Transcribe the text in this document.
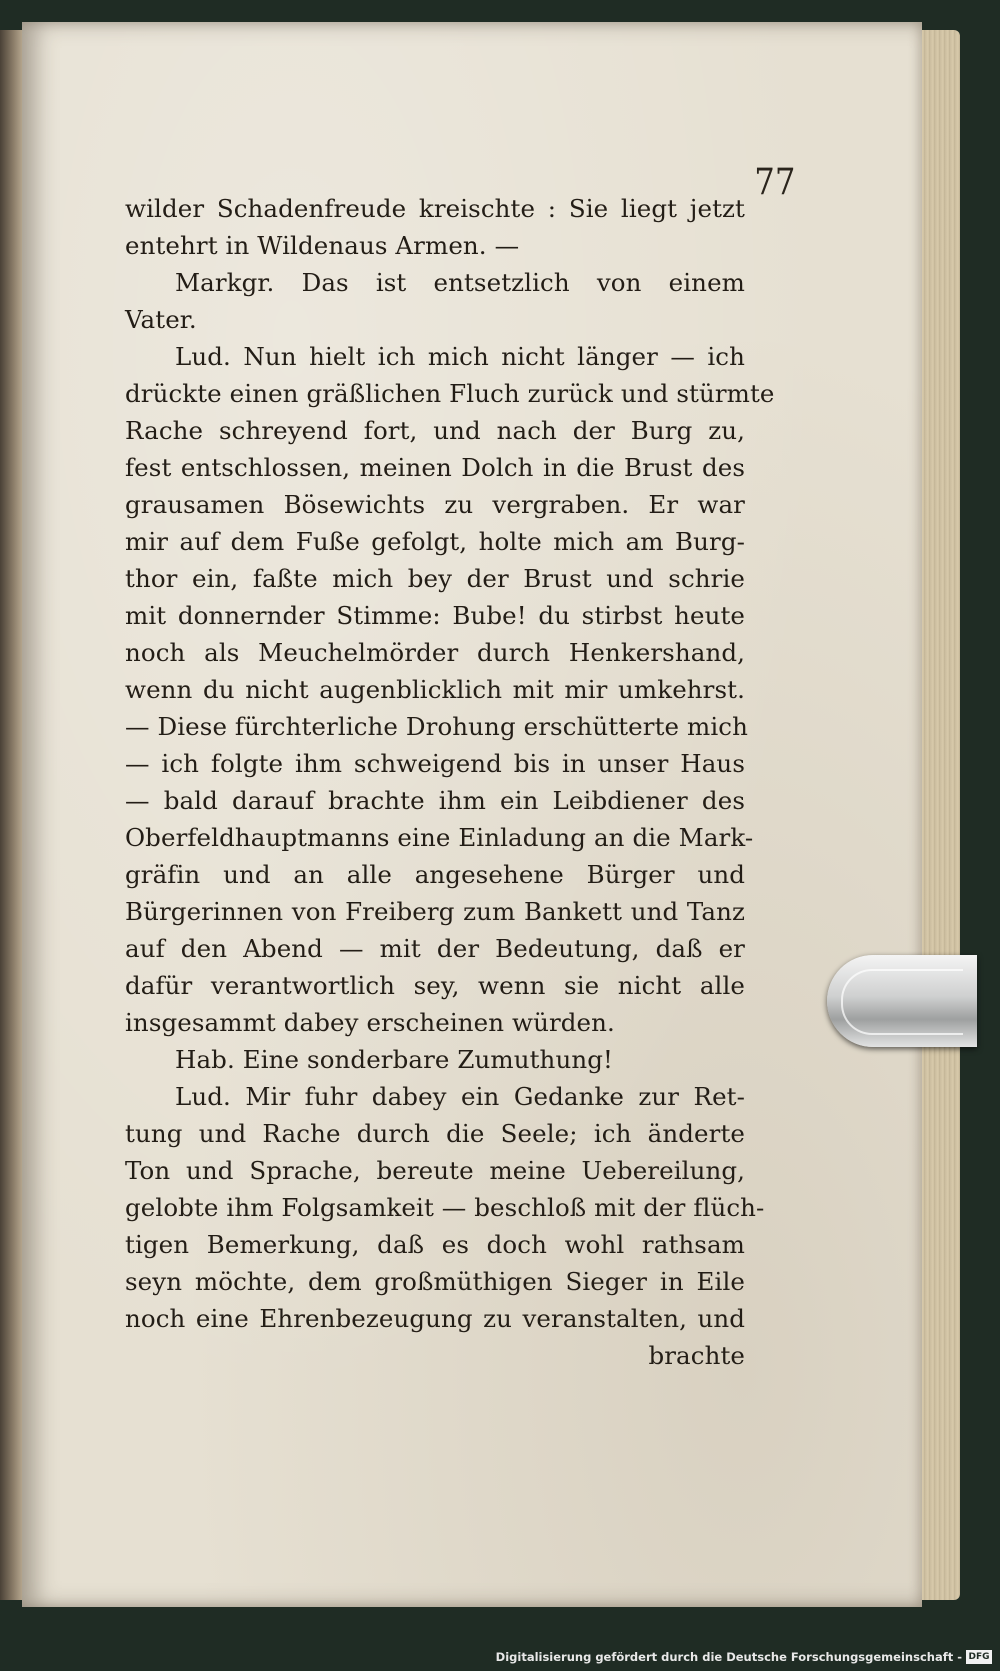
77
wilder Schadenfreude kreischte : Sie liegt jetzt
entehrt in Wildenaus Armen. —
Markgr. Das ist entsetzlich von einem
Vater.
Lud. Nun hielt ich mich nicht länger — ich
drückte einen gräßlichen Fluch zurück und stürmte
Rache schreyend fort, und nach der Burg zu,
fest entschlossen, meinen Dolch in die Brust des
grausamen Bösewichts zu vergraben. Er war
mir auf dem Fuße gefolgt, holte mich am Burg-
thor ein, faßte mich bey der Brust und schrie
mit donnernder Stimme: Bube! du stirbst heute
noch als Meuchelmörder durch Henkershand,
wenn du nicht augenblicklich mit mir umkehrst.
— Diese fürchterliche Drohung erschütterte mich
— ich folgte ihm schweigend bis in unser Haus
— bald darauf brachte ihm ein Leibdiener des
Oberfeldhauptmanns eine Einladung an die Mark-
gräfin und an alle angesehene Bürger und
Bürgerinnen von Freiberg zum Bankett und Tanz
auf den Abend — mit der Bedeutung, daß er
dafür verantwortlich sey, wenn sie nicht alle
insgesammt dabey erscheinen würden.
Hab. Eine sonderbare Zumuthung!
Lud. Mir fuhr dabey ein Gedanke zur Ret-
tung und Rache durch die Seele; ich änderte
Ton und Sprache, bereute meine Uebereilung,
gelobte ihm Folgsamkeit — beschloß mit der flüch-
tigen Bemerkung, daß es doch wohl rathsam
seyn möchte, dem großmüthigen Sieger in Eile
noch eine Ehrenbezeugung zu veranstalten, und
brachte
Digitalisierung gefördert durch die Deutsche Forschungsgemeinschaft - DFG
